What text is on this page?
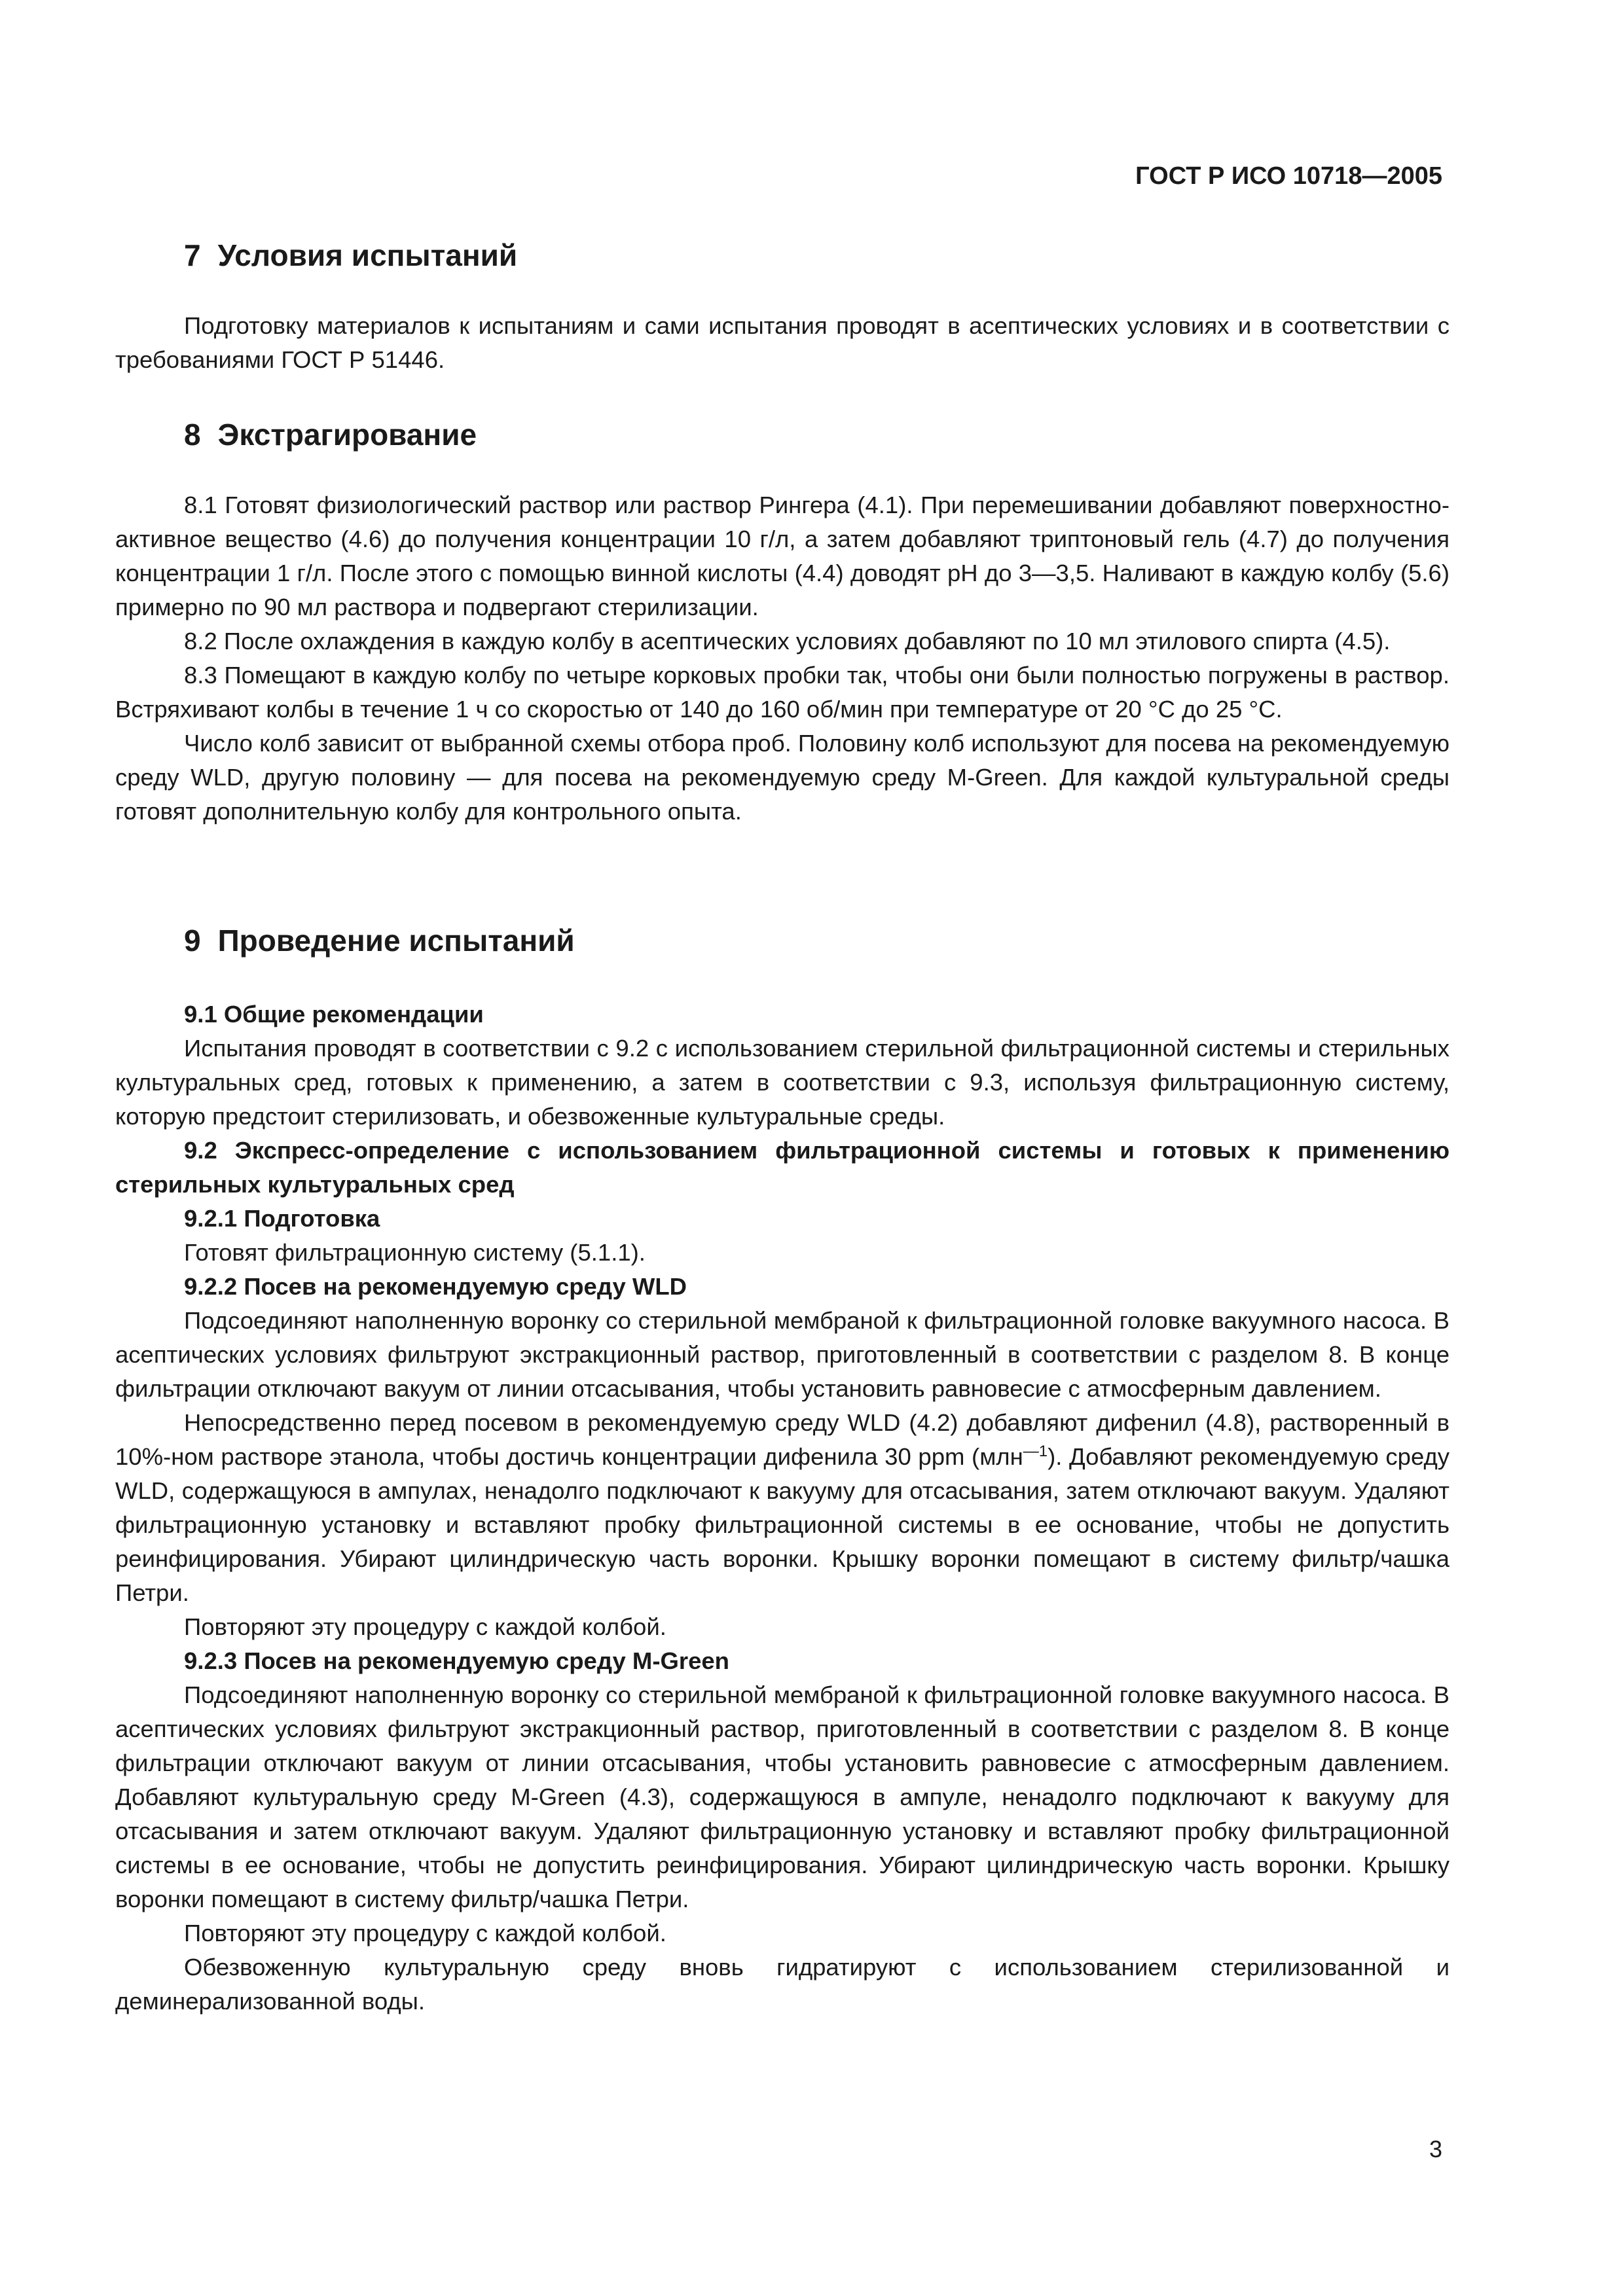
ГОСТ Р ИСО 10718—2005
7 Условия испытаний

Подготовку материалов к испытаниям и сами испытания проводят в асептических условиях и в соответствии с требованиями ГОСТ Р 51446.

8 Экстрагирование

8.1 Готовят физиологический раствор или раствор Рингера (4.1). При перемешивании добавляют поверхностно-активное вещество (4.6) до получения концентрации 10 г/л, а затем добавляют триптоновый гель (4.7) до получения концентрации 1 г/л. После этого с помощью винной кислоты (4.4) доводят pH до 3—3,5. Наливают в каждую колбу (5.6) примерно по 90 мл раствора и подвергают стерилизации.

8.2 После охлаждения в каждую колбу в асептических условиях добавляют по 10 мл этилового спирта (4.5).

8.3 Помещают в каждую колбу по четыре корковых пробки так, чтобы они были полностью погружены в раствор. Встряхивают колбы в течение 1 ч со скоростью от 140 до 160 об/мин при температуре от 20 °С до 25 °С.

Число колб зависит от выбранной схемы отбора проб. Половину колб используют для посева на рекомендуемую среду WLD, другую половину — для посева на рекомендуемую среду M-Green. Для каждой культуральной среды готовят дополнительную колбу для контрольного опыта.

9 Проведение испытаний

9.1 Общие рекомендации

Испытания проводят в соответствии с 9.2 с использованием стерильной фильтрационной системы и стерильных культуральных сред, готовых к применению, а затем в соответствии с 9.3, используя фильтрационную систему, которую предстоит стерилизовать, и обезвоженные культуральные среды.

9.2 Экспресс-определение с использованием фильтрационной системы и готовых к применению стерильных культуральных сред

9.2.1 Подготовка

Готовят фильтрационную систему (5.1.1).

9.2.2 Посев на рекомендуемую среду WLD

Подсоединяют наполненную воронку со стерильной мембраной к фильтрационной головке вакуумного насоса. В асептических условиях фильтруют экстракционный раствор, приготовленный в соответствии с разделом 8. В конце фильтрации отключают вакуум от линии отсасывания, чтобы установить равновесие с атмосферным давлением.

Непосредственно перед посевом в рекомендуемую среду WLD (4.2) добавляют дифенил (4.8), растворенный в 10%-ном растворе этанола, чтобы достичь концентрации дифенила 30 ppm (млн$^{—1}$). Добавляют рекомендуемую среду WLD, содержащуюся в ампулах, ненадолго подключают к вакууму для отсасывания, затем отключают вакуум. Удаляют фильтрационную установку и вставляют пробку фильтрационной системы в ее основание, чтобы не допустить реинфицирования. Убирают цилиндрическую часть воронки. Крышку воронки помещают в систему фильтр/чашка Петри.

Повторяют эту процедуру с каждой колбой.

9.2.3 Посев на рекомендуемую среду M-Green

Подсоединяют наполненную воронку со стерильной мембраной к фильтрационной головке вакуумного насоса. В асептических условиях фильтруют экстракционный раствор, приготовленный в соответствии с разделом 8. В конце фильтрации отключают вакуум от линии отсасывания, чтобы установить равновесие с атмосферным давлением. Добавляют культуральную среду M-Green (4.3), содержащуюся в ампуле, ненадолго подключают к вакууму для отсасывания и затем отключают вакуум. Удаляют фильтрационную установку и вставляют пробку фильтрационной системы в ее основание, чтобы не допустить реинфицирования. Убирают цилиндрическую часть воронки. Крышку воронки помещают в систему фильтр/чашка Петри.

Повторяют эту процедуру с каждой колбой.

Обезвоженную культуральную среду вновь гидратируют с использованием стерилизованной и деминерализованной воды.

3
